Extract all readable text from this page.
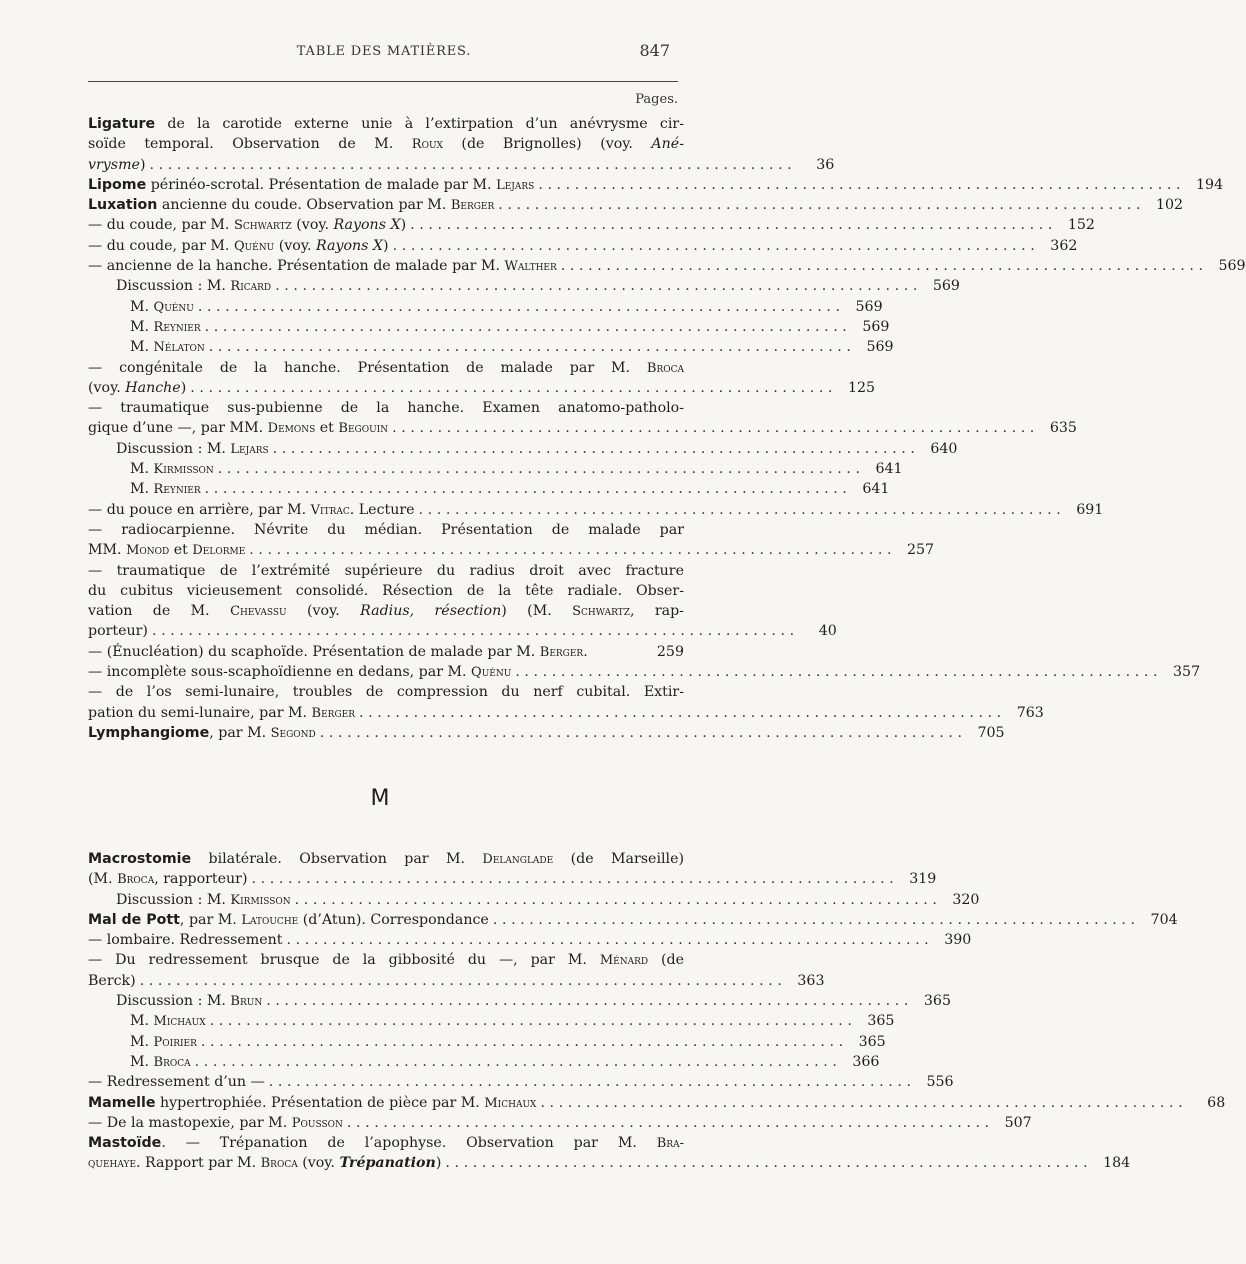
TABLE DES MATIÈRES.	847
Pages.
Ligature de la carotide externe unie à l’extirpation d’un anévrysme cir-
soïde temporal. Observation de M. Roux (de Brignolles) (voy. Ané-
vrysme) .......................................................................	36
Lipome périnéo-scrotal. Présentation de malade par M. Lejars ....................................................................... 194
Luxation ancienne du coude. Observation par M. Berger ....................................................................... 102
— du coude, par M. Schwartz (voy. Rayons X) ....................................................................... 152
— du coude, par M. Quénu (voy. Rayons X) ....................................................................... 362
— ancienne de la hanche. Présentation de malade par M. Walther ....................................................................... 569
Discussion : M. Ricard ....................................................................... 569
M. Quénu ....................................................................... 569
M. Reynier ....................................................................... 569
M. Nélaton ....................................................................... 569
— congénitale de la hanche. Présentation de malade par M. Broca
(voy. Hanche) ....................................................................... 125
— traumatique sus-pubienne de la hanche. Examen anatomo-patholo-
gique d’une —, par MM. Demons et Begouin ....................................................................... 635
Discussion : M. Lejars ....................................................................... 640
M. Kirmisson ....................................................................... 641
M. Reynier ....................................................................... 641
— du pouce en arrière, par M. Vitrac. Lecture ....................................................................... 691
— radiocarpienne. Névrite du médian. Présentation de malade par
MM. Monod et Delorme ....................................................................... 257
— traumatique de l’extrémité supérieure du radius droit avec fracture
du cubitus vicieusement consolidé. Résection de la tête radiale. Obser-
vation de M. Chevassu (voy. Radius, résection) (M. Schwartz, rap-
porteur) .......................................................................	40
— (Énucléation) du scaphoïde. Présentation de malade par M. Berger.	259
— incomplète sous-scaphoïdienne en dedans, par M. Quénu ....................................................................... 357
— de l’os semi-lunaire, troubles de compression du nerf cubital. Extir-
pation du semi-lunaire, par M. Berger ....................................................................... 763
Lymphangiome, par M. Segond ....................................................................... 705
M
Macrostomie bilatérale. Observation par M. Delanglade (de Marseille)
(M. Broca, rapporteur) ....................................................................... 319
Discussion : M. Kirmisson ....................................................................... 320
Mal de Pott, par M. Latouche (d’Atun). Correspondance ....................................................................... 704
— lombaire. Redressement ....................................................................... 390
— Du redressement brusque de la gibbosité du —, par M. Ménard (de
Berck) ....................................................................... 363
Discussion : M. Brun ....................................................................... 365
M. Michaux ....................................................................... 365
M. Poirier ....................................................................... 365
M. Broca ....................................................................... 366
— Redressement d’un — ....................................................................... 556
Mamelle hypertrophiée. Présentation de pièce par M. Michaux .......................................................................	68
— De la mastopexie, par M. Pousson ....................................................................... 507
Mastoïde. — Trépanation de l’apophyse. Observation par M. Bra-
quehaye. Rapport par M. Broca (voy. Trépanation) ....................................................................... 184
